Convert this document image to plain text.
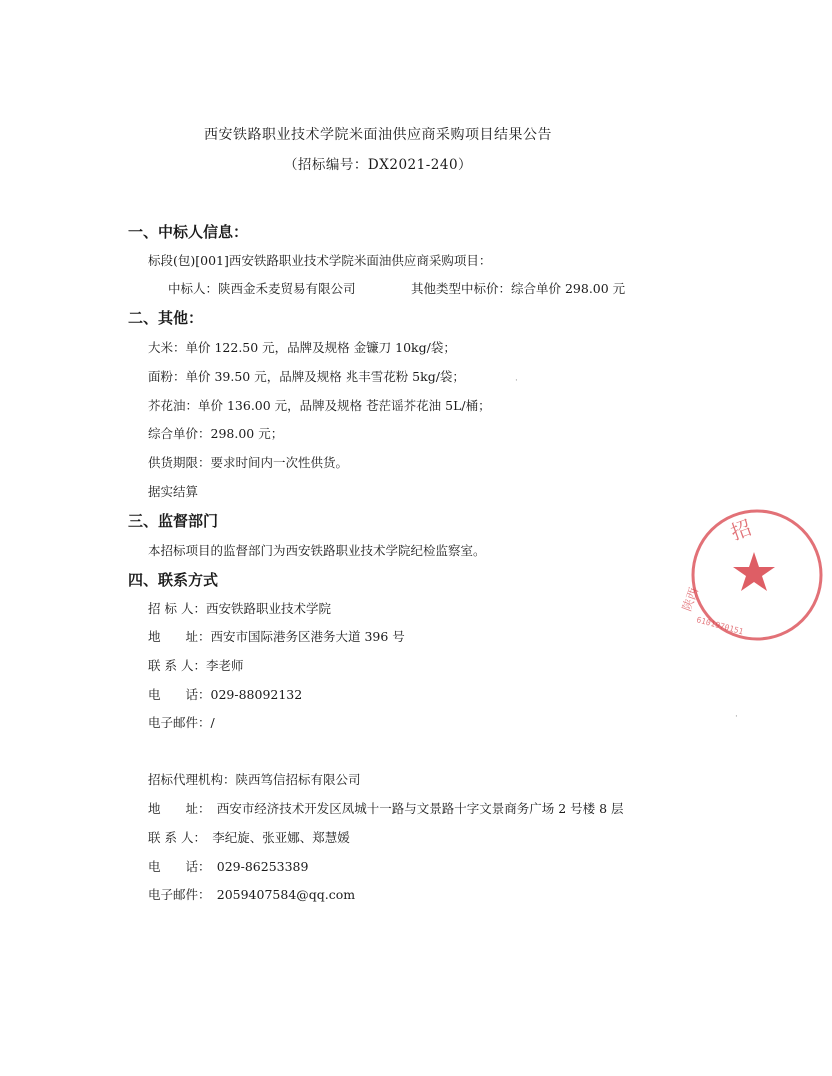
西安铁路职业技术学院米面油供应商采购项目结果公告
（招标编号：DX2021-240）
一、中标人信息：
标段(包)[001]西安铁路职业技术学院米面油供应商采购项目：
中标人：陕西金禾麦贸易有限公司	其他类型中标价：综合单价 298.00 元
二、其他：
大米：单价 122.50 元，品牌及规格 金镰刀 10kg/袋；
面粉：单价 39.50 元，品牌及规格 兆丰雪花粉 5kg/袋；
芥花油：单价 136.00 元，品牌及规格 苍茫谣芥花油 5L/桶；
综合单价：298.00 元；
供货期限：要求时间内一次性供货。
据实结算
三、监督部门
本招标项目的监督部门为西安铁路职业技术学院纪检监察室。
四、联系方式
招 标 人：西安铁路职业技术学院
地　　址：西安市国际港务区港务大道 396 号
联 系 人：李老师
电　　话：029-88092132
电子邮件：/
招标代理机构：陕西笃信招标有限公司
地　　址：　西安市经济技术开发区凤城十一路与文景路十字文景商务广场 2 号楼 8 层
联 系 人：　李纪旋、张亚娜、郑慧媛
电　　话：　029-86253389
电子邮件：　2059407584@qq.com
招
陕西
6101970151
·
·
